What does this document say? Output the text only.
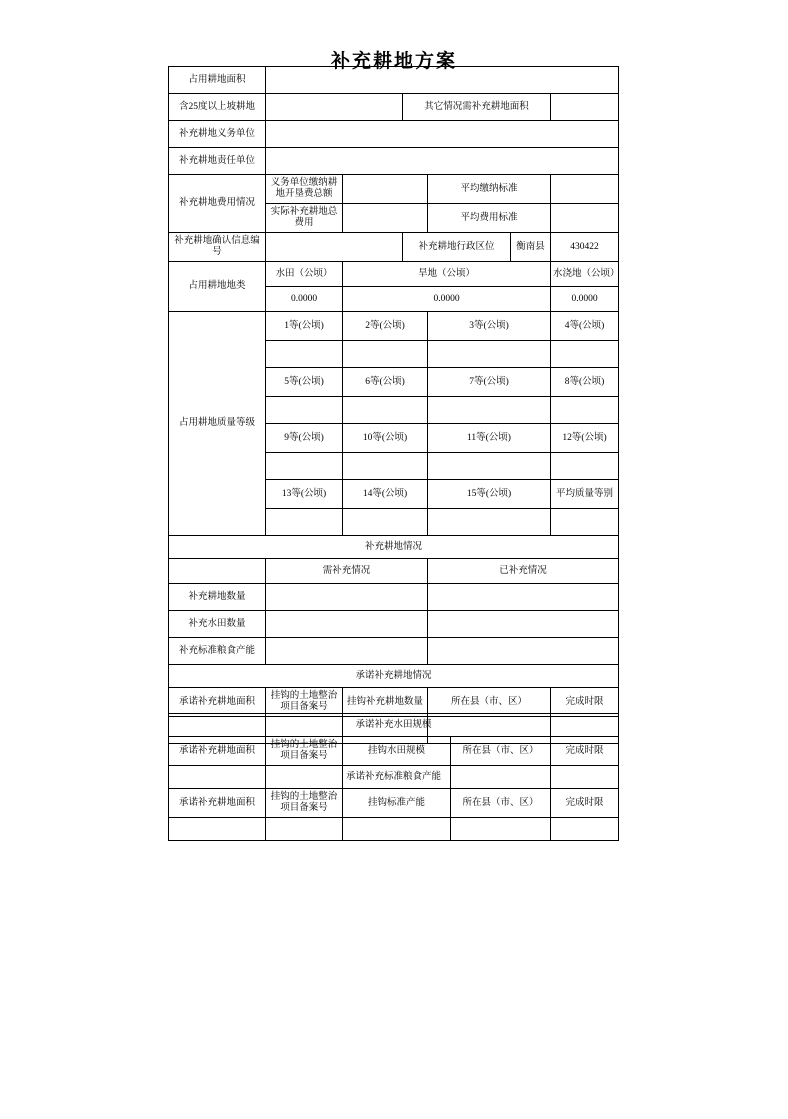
补充耕地方案
占用耕地面积						
含25度以上坡耕地			其它情况需补充耕地面积			
补充耕地义务单位						
补充耕地责任单位						
补充耕地费用情况	义务单位缴纳耕地开垦费总额			平均缴纳标准		
	实际补充耕地总费用			平均费用标准		
补充耕地确认信息编号			补充耕地行政区位		衡南县	430422
占用耕地地类	水田（公顷）	旱地（公顷）				水浇地（公顷）
	0.0000	0.0000				0.0000
占用耕地质量等级	1等(公顷)	2等(公顷)		3等(公顷)		4等(公顷)

	5等(公顷)	6等(公顷)		7等(公顷)		8等(公顷)

	9等(公顷)	10等(公顷)		11等(公顷)		12等(公顷)

	13等(公顷)	14等(公顷)		15等(公顷)		平均质量等别

补充耕地情况						
	需补充情况			已补充情况		
补充耕地数量						
补充水田数量						
补充标准粮食产能						
承诺补充耕地情况						
承诺补充耕地面积	挂钩的土地整治项目备案号	挂钩补充耕地数量		所在县（市、区）		完成时限

承诺补充水田规模				
承诺补充耕地面积	挂钩的土地整治项目备案号	挂钩水田规模	所在县（市、区）	完成时限

承诺补充标准粮食产能				
承诺补充耕地面积	挂钩的土地整治项目备案号	挂钩标准产能	所在县（市、区）	完成时限
